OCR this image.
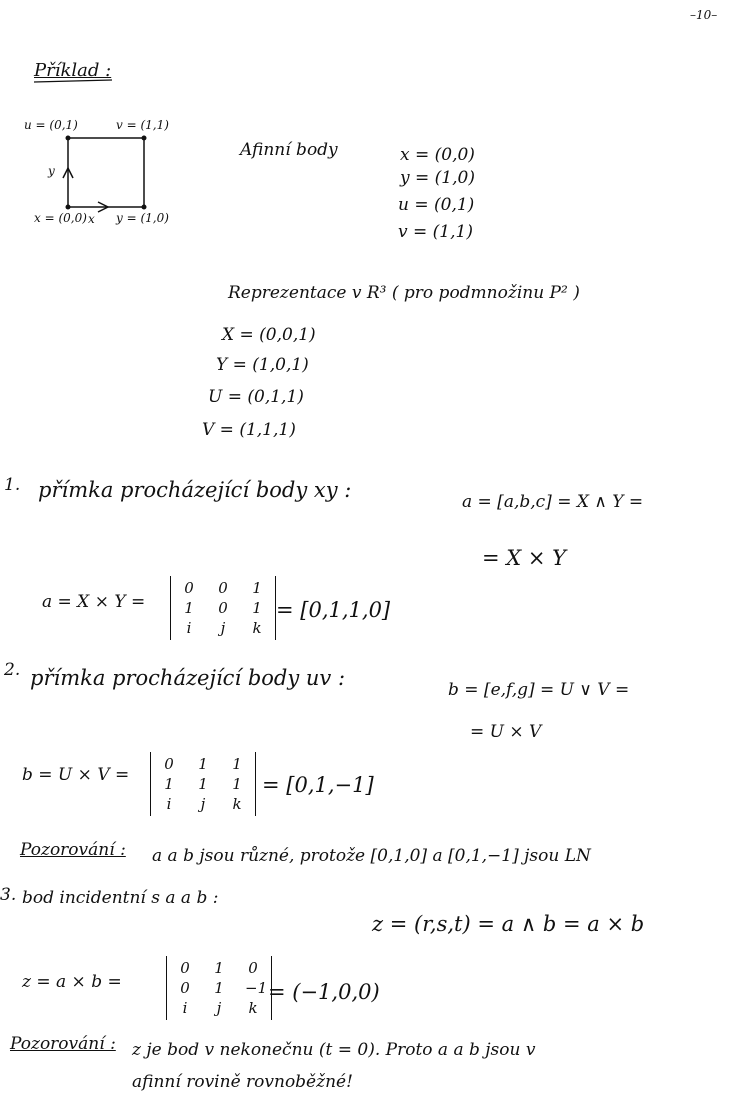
–10–
Příklad :
u = (0,1)	v = (1,1)
x = (0,0) y = (1,0)
y
x
Afinní body	x = (0,0)
y = (1,0)
u = (0,1)
v = (1,1)
Reprezentace v R³ ( pro podmnožinu P² )
X = (0,0,1)
Y = (1,0,1)
U = (0,1,1)
V = (1,1,1)
1. přímka procházející body xy :	a = [a,b,c] = X ∧ Y =
= X × Y
a = X × Y =
0 0 1
1 0 1
i	j	k
= [0,1,1,0]
2. přímka procházející body uv :	b = [e,f,g] = U ∨ V =
= U × V
b = U × V =
0 1 1
1 1 1
i	j	k
= [0,1,−1]
Pozorování : a a b jsou různé, protože [0,1,0] a [0,1,−1] jsou LN
3. bod incidentní s a a b :
z = (r,s,t) = a ∧ b = a × b
z = a × b =
0 1 0
0 1 −1
i	j	k
= (−1,0,0)
Pozorování : z je bod v nekonečnu (t = 0). Proto a a b jsou v
afinní rovině rovnoběžné!
